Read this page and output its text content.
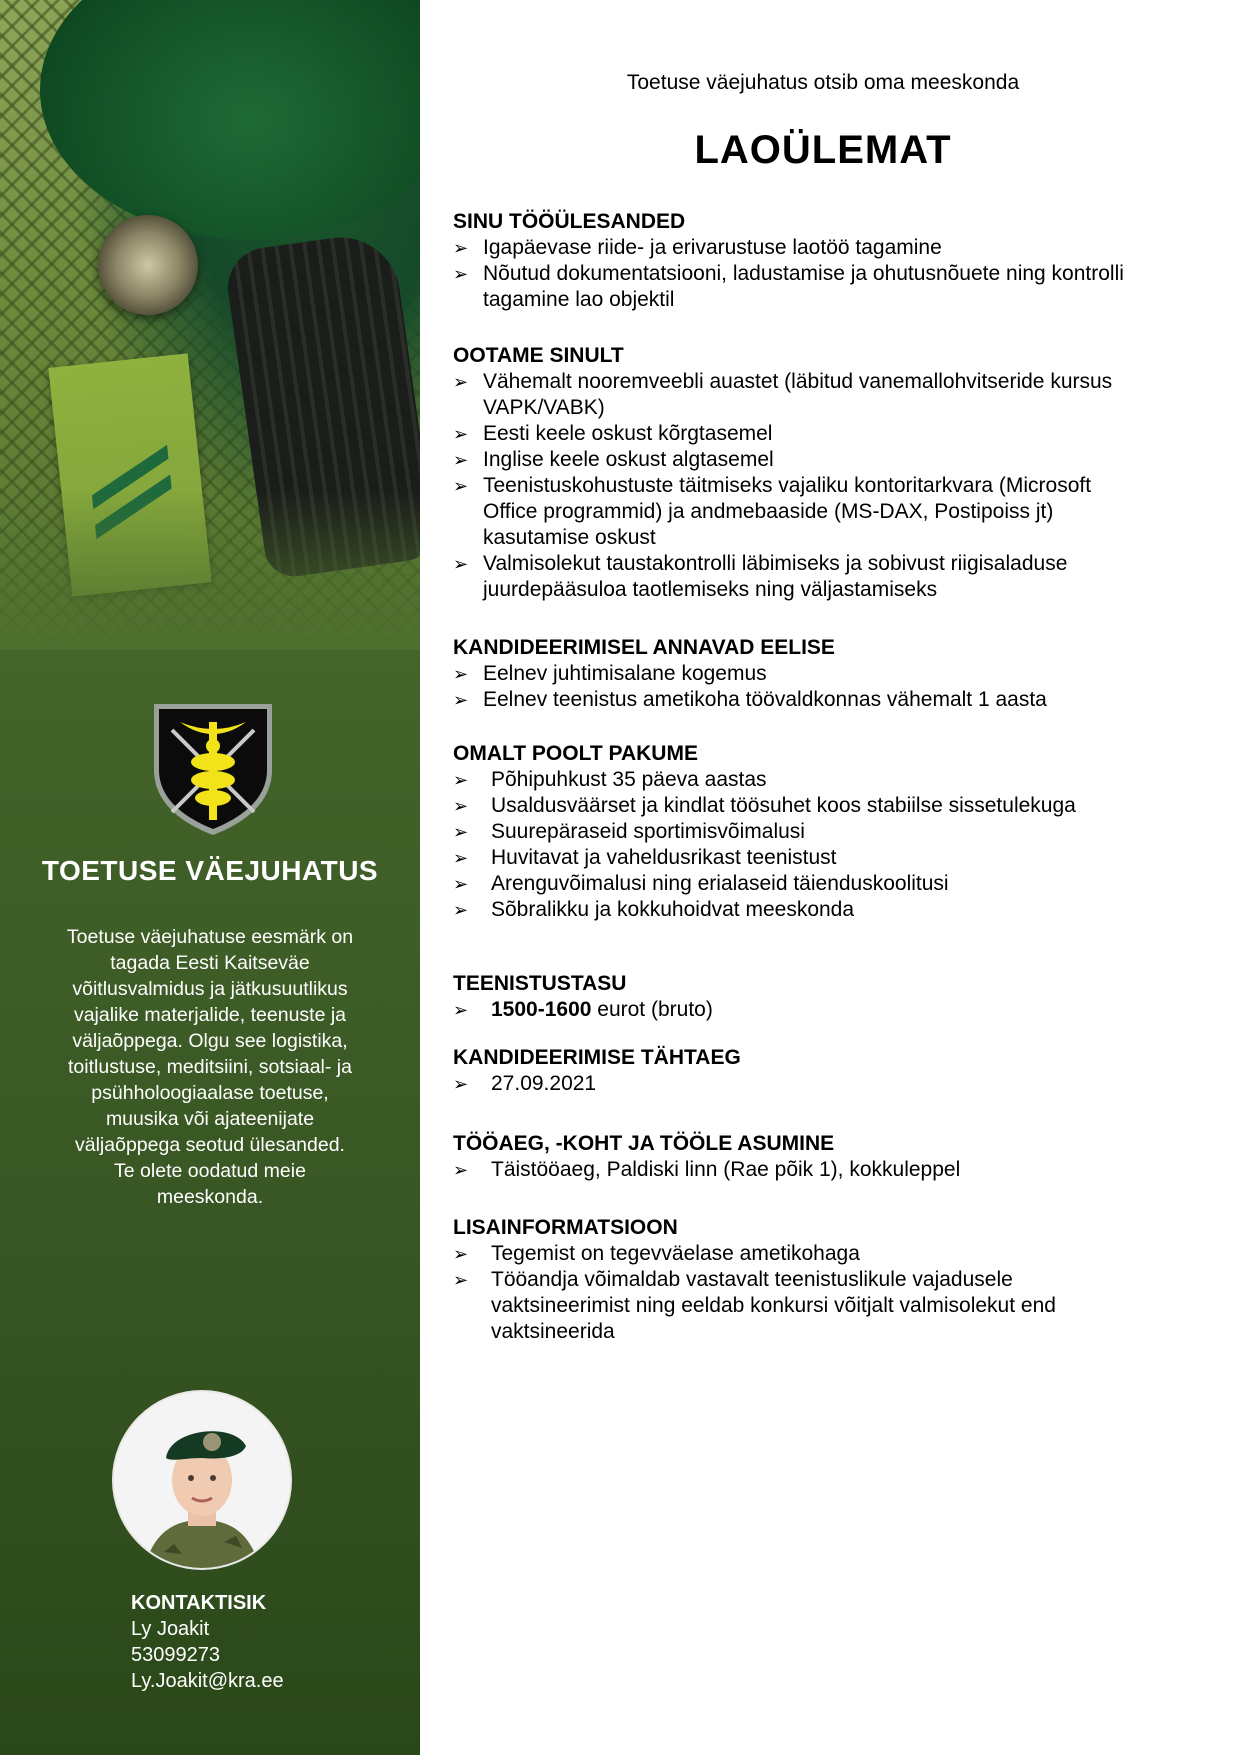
TOETUSE VÄEJUHATUS
Toetuse väejuhatuse eesmärk on
tagada Eesti Kaitseväe
võitlusvalmidus ja jätkusuutlikus
vajalike materjalide, teenuste ja
väljaõppega. Olgu see logistika,
toitlustuse, meditsiini, sotsiaal- ja
psühholoogiaalase toetuse,
muusika või ajateenijate
väljaõppega seotud ülesanded.
Te olete oodatud meie
meeskonda.
KONTAKTISIK
Ly Joakit
53099273
Ly.Joakit@kra.ee
Toetuse väejuhatus otsib oma meeskonda
LAOÜLEMAT
SINU TÖÖÜLESANDED
➢ Igapäevase riide- ja erivarustuse laotöö tagamine
➢ Nõutud dokumentatsiooni, ladustamise ja ohutusnõuete ning kontrolli
tagamine lao objektil
OOTAME SINULT
➢ Vähemalt nooremveebli auastet (läbitud vanemallohvitseride kursus
VAPK/VABK)
➢ Eesti keele oskust kõrgtasemel
➢ Inglise keele oskust algtasemel
➢ Teenistuskohustuste täitmiseks vajaliku kontoritarkvara (Microsoft
Office programmid) ja andmebaaside (MS-DAX, Postipoiss jt)
kasutamise oskust
➢ Valmisolekut taustakontrolli läbimiseks ja sobivust riigisaladuse
juurdepääsuloa taotlemiseks ning väljastamiseks
KANDIDEERIMISEL ANNAVAD EELISE
➢ Eelnev juhtimisalane kogemus
➢ Eelnev teenistus ametikoha töövaldkonnas vähemalt 1 aasta
OMALT POOLT PAKUME
➢ Põhipuhkust 35 päeva aastas
➢ Usaldusväärset ja kindlat töösuhet koos stabiilse sissetulekuga
➢ Suurepäraseid sportimisvõimalusi
➢ Huvitavat ja vaheldusrikast teenistust
➢ Arenguvõimalusi ning erialaseid täienduskoolitusi
➢ Sõbralikku ja kokkuhoidvat meeskonda
TEENISTUSTASU
➢ 1500-1600 eurot (bruto)
KANDIDEERIMISE TÄHTAEG
➢ 27.09.2021
TÖÖAEG, -KOHT JA TÖÖLE ASUMINE
➢ Täistööaeg, Paldiski linn (Rae põik 1), kokkuleppel
LISAINFORMATSIOON
➢ Tegemist on tegevväelase ametikohaga
➢ Tööandja võimaldab vastavalt teenistuslikule vajadusele
vaktsineerimist ning eeldab konkursi võitjalt valmisolekut end
vaktsineerida
